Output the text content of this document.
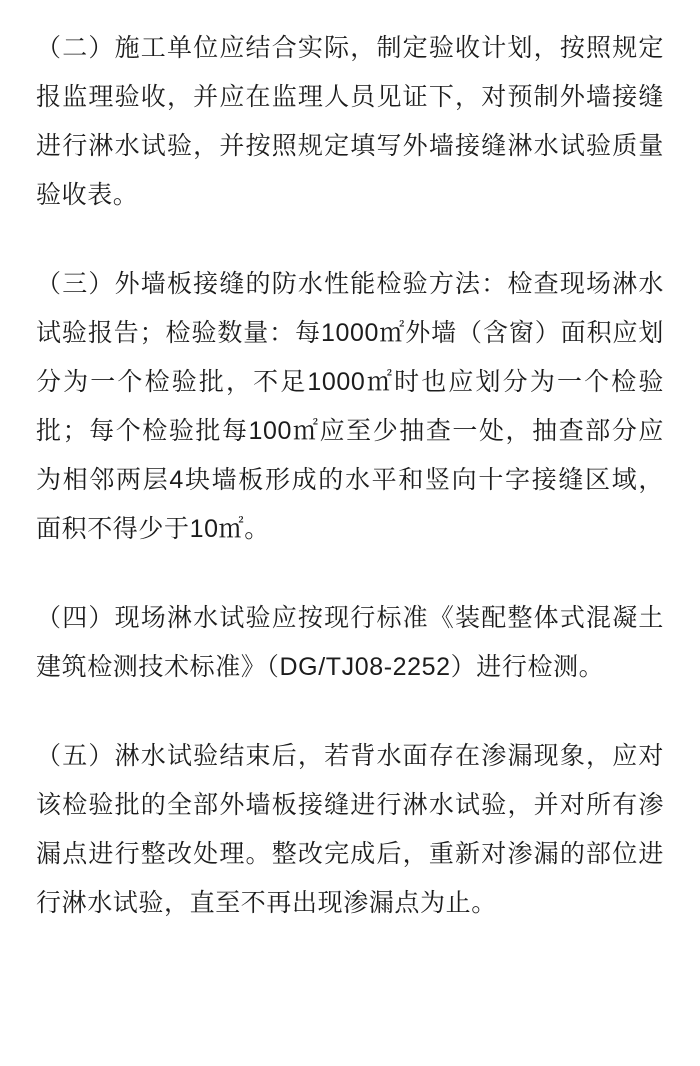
（二）施工单位应结合实际，制定验收计划，按照规定报监理验收，并应在监理人员见证下，对预制外墙接缝进行淋水试验，并按照规定填写外墙接缝淋水试验质量验收表。

（三）外墙板接缝的防水性能检验方法：检查现场淋水试验报告；检验数量：每1000㎡外墙（含窗）面积应划分为一个检验批，不足1000㎡时也应划分为一个检验批；每个检验批每100㎡应至少抽查一处，抽查部分应为相邻两层4块墙板形成的水平和竖向十字接缝区域，面积不得少于10㎡。

（四）现场淋水试验应按现行标准《装配整体式混凝土建筑检测技术标准》（DG/TJ08-2252）进行检测。

（五）淋水试验结束后，若背水面存在渗漏现象，应对该检验批的全部外墙板接缝进行淋水试验，并对所有渗漏点进行整改处理。整改完成后，重新对渗漏的部位进行淋水试验，直至不再出现渗漏点为止。
